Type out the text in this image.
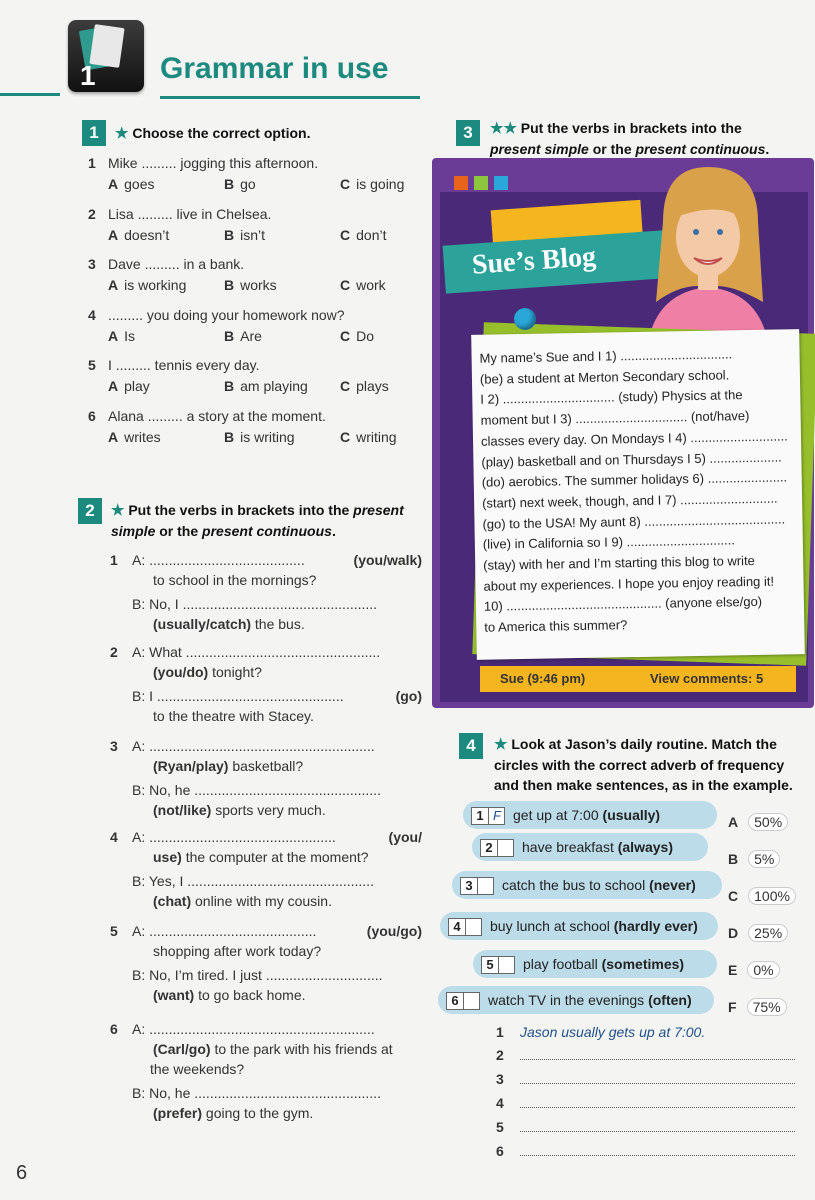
1 Grammar in use
1	★ Choose the correct option.
1 Mike ......... jogging this afternoon.
A goes	B go	C is going
2 Lisa ......... live in Chelsea.
A doesn’t	B isn’t	C don’t
3 Dave ......... in a bank.
A is working	B works	C work
4 ......... you doing your homework now?
A Is	B Are	C Do
5 I ......... tennis every day.
A play	B am playing C plays
6 Alana ......... a story at the moment.
A writes	B is writing	C writing
2	★ Put the verbs in brackets into the present simple or the present continuous.
1 A: ........................................	(you/walk)
to school in the mornings?
B: No, I ..................................................
(usually/catch) the bus.
2 A: What ..................................................
(you/do) tonight?
B: I ................................................	(go)
to the theatre with Stacey.
3 A: ..........................................................
(Ryan/play) basketball?
B: No, he ................................................
(not/like) sports very much.
4 A: ................................................	(you/
use) the computer at the moment?
B: Yes, I ................................................
(chat) online with my cousin.
5 A: ...........................................	(you/go)
shopping after work today?
B: No, I’m tired. I just ..............................
(want) to go back home.
6 A: ..........................................................
(Carl/go) to the park with his friends at
the weekends?
B: No, he ................................................
(prefer) going to the gym.
3	★★ Put the verbs in brackets into the present simple or the present continuous.
Sue’s Blog

My name’s Sue and I 1) ...............................

(be) a student at Merton Secondary school.

I 2) ............................... (study) Physics at the

moment but I 3) ............................... (not/have)

classes every day. On Mondays I 4) ...........................

(play) basketball and on Thursdays I 5) ....................

(do) aerobics. The summer holidays 6) ......................

(start) next week, though, and I 7) ...........................

(go) to the USA! My aunt 8) .......................................

(live) in California so I 9) ..............................

(stay) with her and I’m starting this blog to write

about my experiences. I hope you enjoy reading it!

10) ........................................... (anyone else/go)

to America this summer?

Sue (9:46 pm)	View comments: 5
4	★ Look at Jason’s daily routine. Match the
circles with the correct adverb of frequency
and then make sentences, as in the example.
1 F get up at 7:00 (usually)
2	have breakfast (always)
3	catch the bus to school (never)
4	buy lunch at school (hardly ever)
5	play football (sometimes)
6	watch TV in the evenings (often)
A 50%
B 5%
C 100%
D 25%
E 0%
F 75%
1 Jason usually gets up at 7:00.
2
3
4
5
6
6
